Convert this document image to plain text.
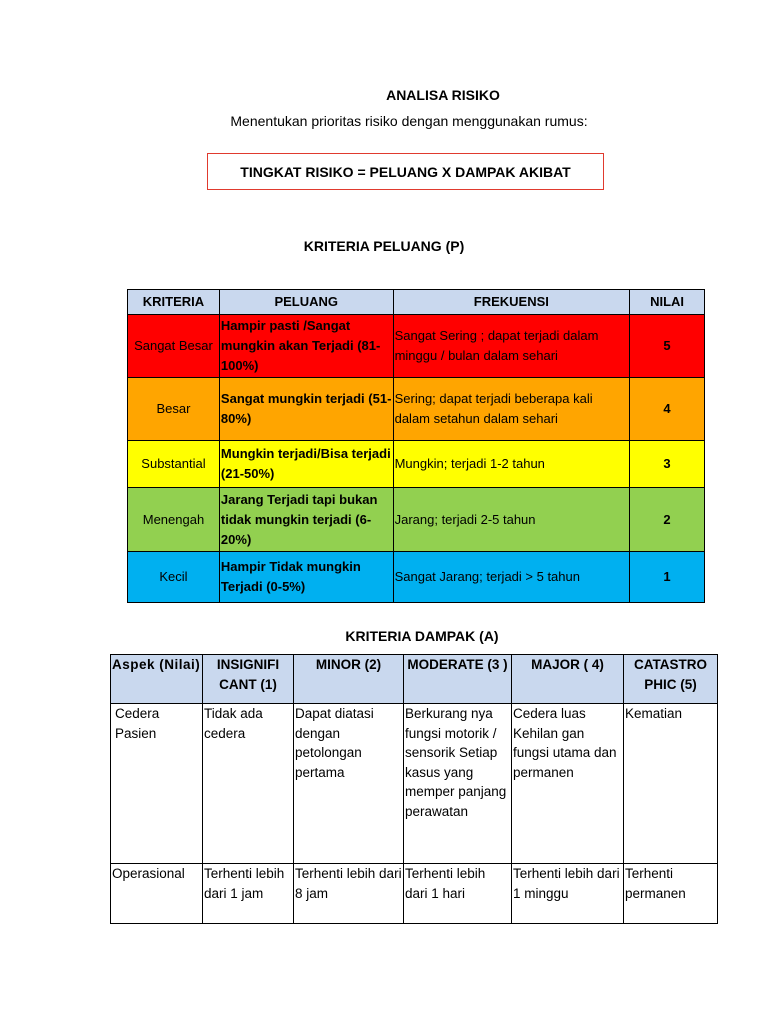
ANALISA RISIKO
Menentukan prioritas risiko dengan menggunakan rumus:
TINGKAT RISIKO = PELUANG X DAMPAK AKIBAT
KRITERIA PELUANG (P)
KRITERIA	PELUANG	FREKUENSI	NILAI
Sangat Besar	Hampir pasti /Sangat mungkin akan Terjadi (81-100%)	Sangat Sering ; dapat terjadi dalam minggu / bulan dalam sehari	5
Besar	Sangat mungkin terjadi (51-80%)	Sering; dapat terjadi beberapa kali dalam setahun dalam sehari	4
Substantial	Mungkin terjadi/Bisa terjadi (21-50%)	Mungkin; terjadi 1-2 tahun	3
Menengah	Jarang Terjadi tapi bukan tidak mungkin terjadi (6-20%)	Jarang; terjadi 2-5 tahun	2
Kecil	Hampir Tidak mungkin Terjadi (0-5%)	Sangat Jarang; terjadi > 5 tahun	1
KRITERIA DAMPAK (A)
Aspek (Nilai)	INSIGNIFI CANT (1)	MINOR (2)	MODERATE (3 )	MAJOR ( 4)	CATASTRO PHIC (5)
Cedera Pasien	Tidak ada cedera	Dapat diatasi dengan petolongan pertama	Berkurang nya fungsi motorik / sensorik Setiap kasus yang memper panjang perawatan	Cedera luas Kehilan gan fungsi utama dan permanen	Kematian
Operasional	Terhenti lebih dari 1 jam	Terhenti lebih dari 8 jam	Terhenti lebih dari 1 hari	Terhenti lebih dari 1 minggu	Terhenti permanen
